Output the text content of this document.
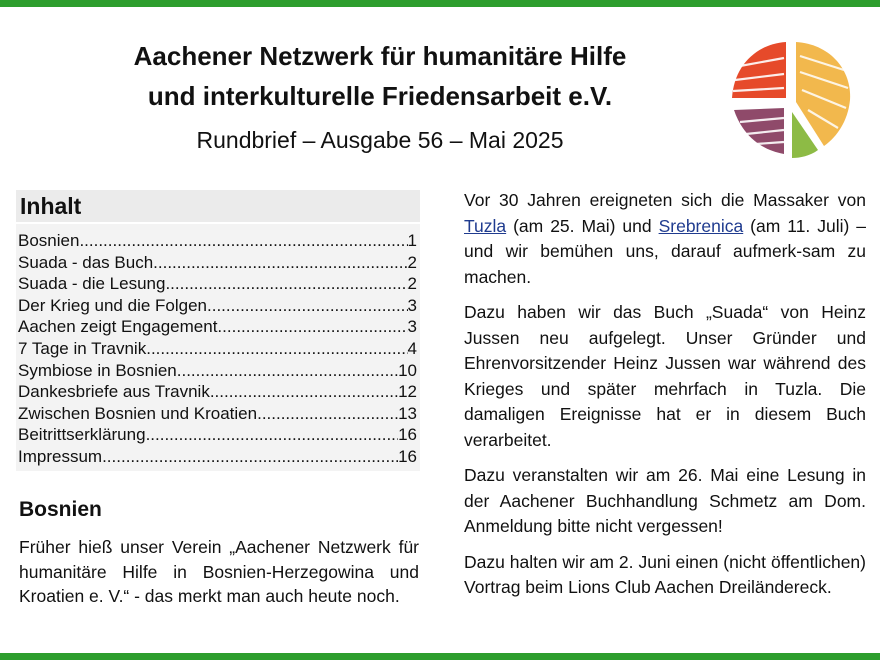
Aachener Netzwerk für humanitäre Hilfe
und interkulturelle Friedensarbeit e.V.
Rundbrief – Ausgabe 56 – Mai 2025
Inhalt
Bosnien .....	1
Suada - das Buch .....	2
Suada - die Lesung .....	2
Der Krieg und die Folgen .....	3
Aachen zeigt Engagement .....	3
7 Tage in Travnik .....	4
Symbiose in Bosnien .....	10
Dankesbriefe aus Travnik .....	12
Zwischen Bosnien und Kroatien .....	13
Beitrittserklärung .....	16
Impressum .....	16
Bosnien
Früher hieß unser Verein „Aachener Netzwerk für humanitäre Hilfe in Bosnien-Herzegowina und Kroatien e. V.“ - das merkt man auch heute noch.

Vor 30 Jahren ereigneten sich die Massaker von Tuzla (am 25. Mai) und Srebrenica (am 11. Juli) – und wir bemühen uns, darauf aufmerk-sam zu machen.

Dazu haben wir das Buch „Suada“ von Heinz Jussen neu aufgelegt. Unser Gründer und Ehrenvorsitzender Heinz Jussen war während des Krieges und später mehrfach in Tuzla. Die damaligen Ereignisse hat er in diesem Buch verarbeitet.

Dazu veranstalten wir am 26. Mai eine Lesung in der Aachener Buchhandlung Schmetz am Dom. Anmeldung bitte nicht vergessen!

Dazu halten wir am 2. Juni einen (nicht öffentlichen) Vortrag beim Lions Club Aachen Dreiländereck.
